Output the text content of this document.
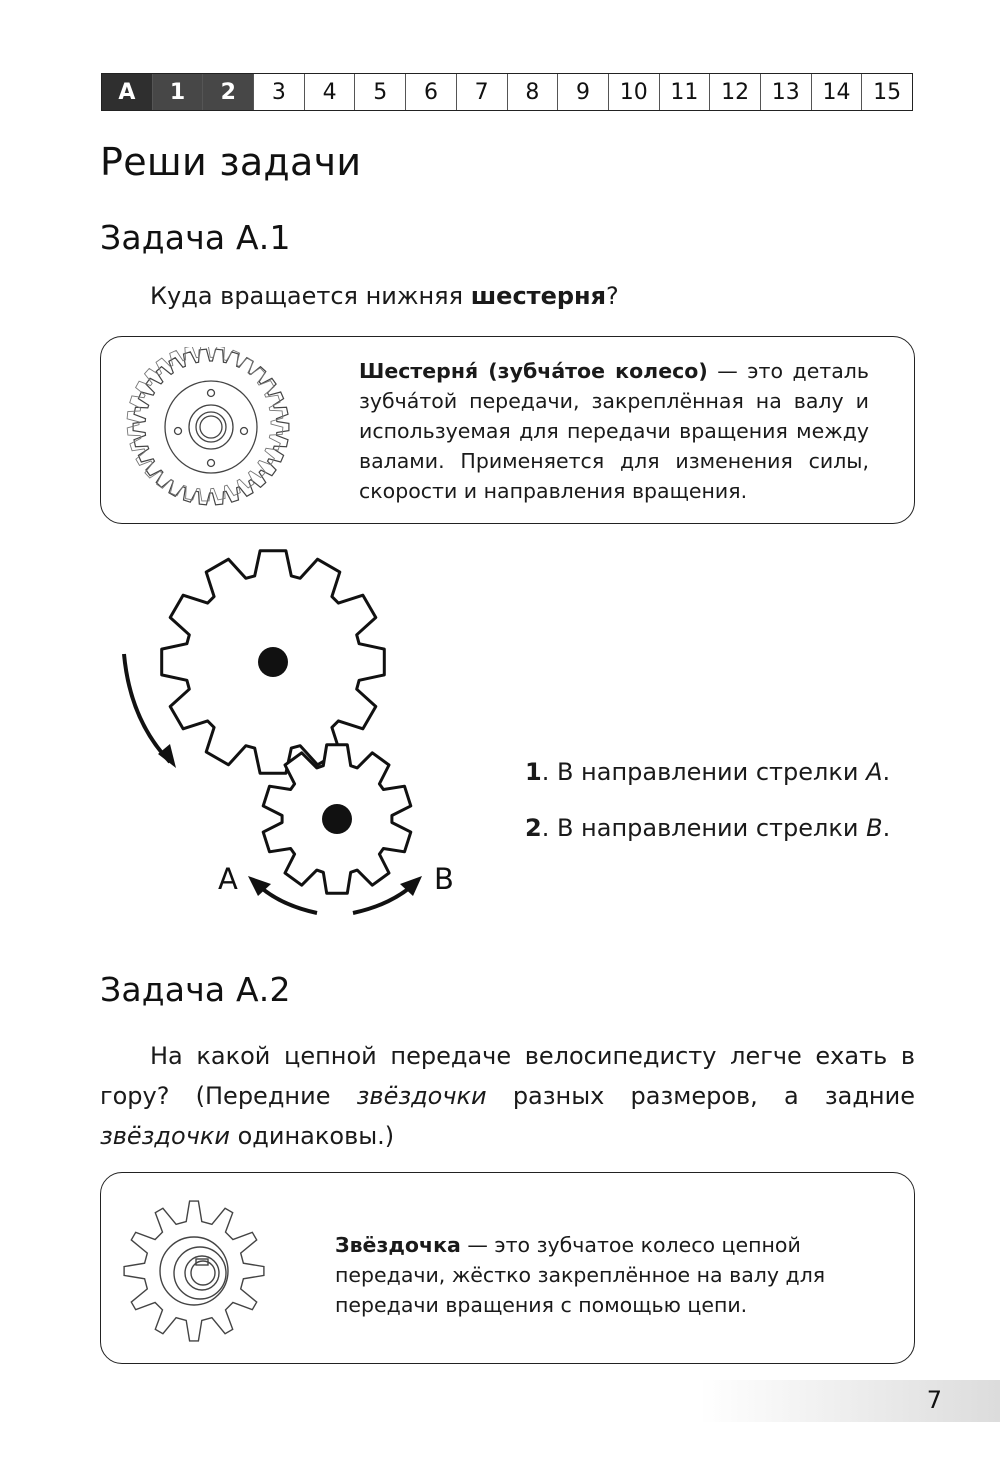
А	1	2	3	4	5	6	7	8	9	10	11	12	13	14	15
Реши задачи
Задача А.1
Куда вращается нижняя шестерня?
Шестерня́ (зубча́тое колесо) — это деталь зубча́той передачи, закреплённая на валу и используемая для передачи вращения между валами. Применяется для изменения силы, скорости и направления вращения.
A	B
1. В направлении стрелки А.
2. В направлении стрелки В.
Задача А.2
На какой цепной передаче велосипедисту легче ехать в гору? (Передние звёздочки разных размеров, а задние звёздочки одинаковы.)
Звёздочка — это зубчатое колесо цепной передачи, жёстко закреплённое на валу для передачи вращения с помощью цепи.
7
